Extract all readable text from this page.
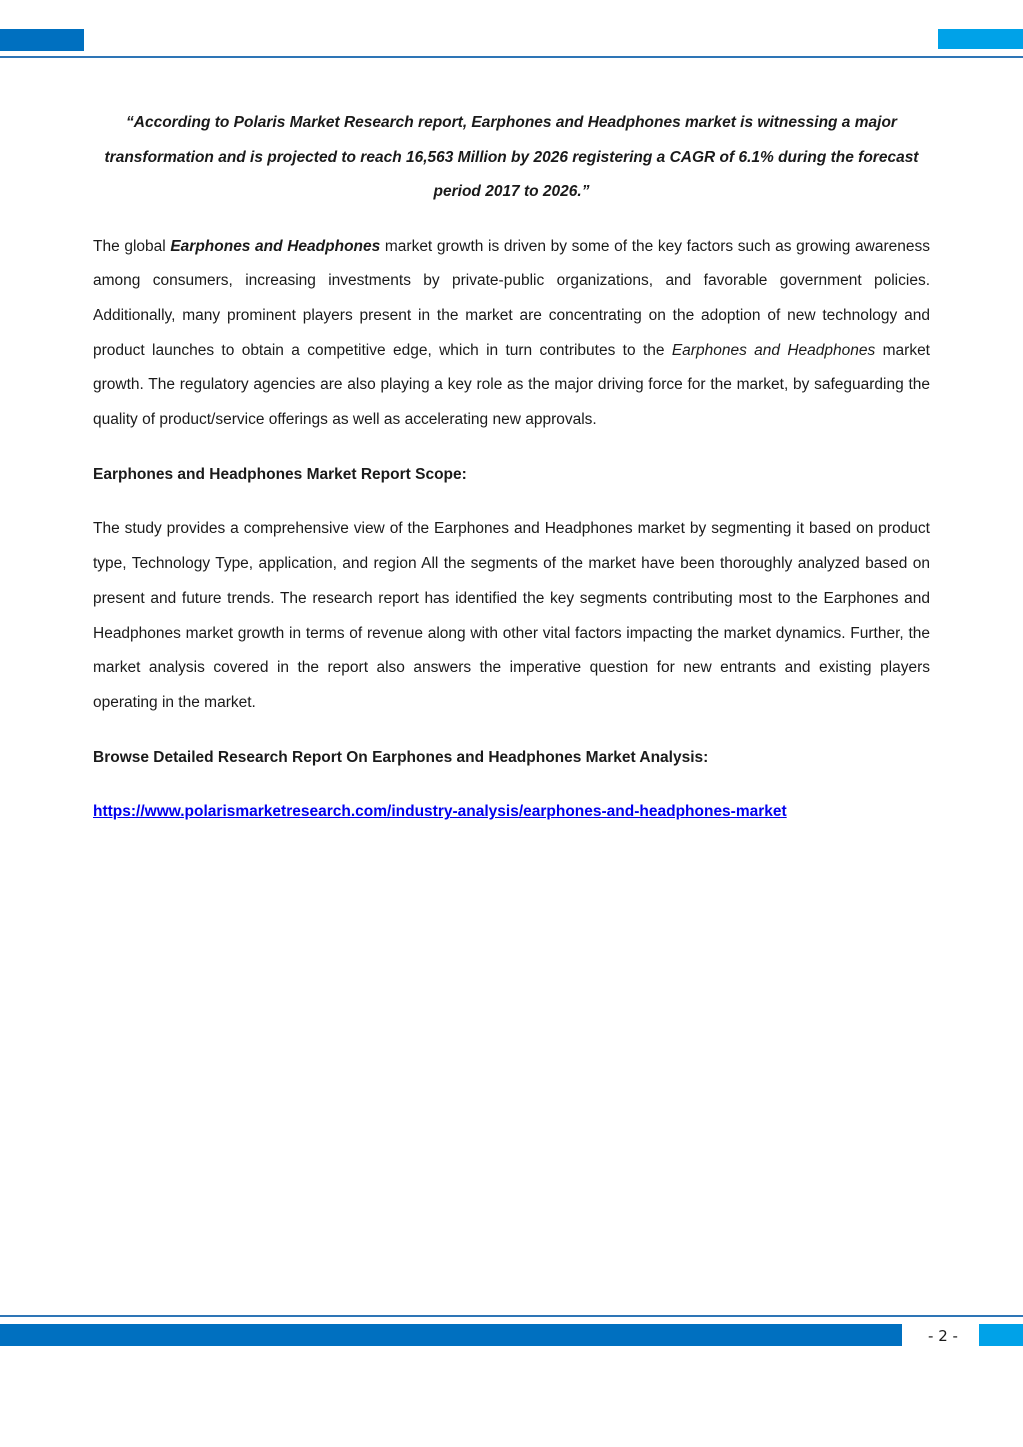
“According to Polaris Market Research report, Earphones and Headphones market is witnessing a major transformation and is projected to reach 16,563 Million by 2026 registering a CAGR of 6.1% during the forecast period 2017 to 2026.”

The global Earphones and Headphones market growth is driven by some of the key factors such as growing awareness among consumers, increasing investments by private-public organizations, and favorable government policies. Additionally, many prominent players present in the market are concentrating on the adoption of new technology and product launches to obtain a competitive edge, which in turn contributes to the Earphones and Headphones market growth. The regulatory agencies are also playing a key role as the major driving force for the market, by safeguarding the quality of product/service offerings as well as accelerating new approvals.

Earphones and Headphones Market Report Scope:

The study provides a comprehensive view of the Earphones and Headphones market by segmenting it based on product type, Technology Type, application, and region All the segments of the market have been thoroughly analyzed based on present and future trends. The research report has identified the key segments contributing most to the Earphones and Headphones market growth in terms of revenue along with other vital factors impacting the market dynamics. Further, the market analysis covered in the report also answers the imperative question for new entrants and existing players operating in the market.

Browse Detailed Research Report On Earphones and Headphones Market Analysis:

https://www.polarismarketresearch.com/industry-analysis/earphones-and-headphones-market
- 2 -
